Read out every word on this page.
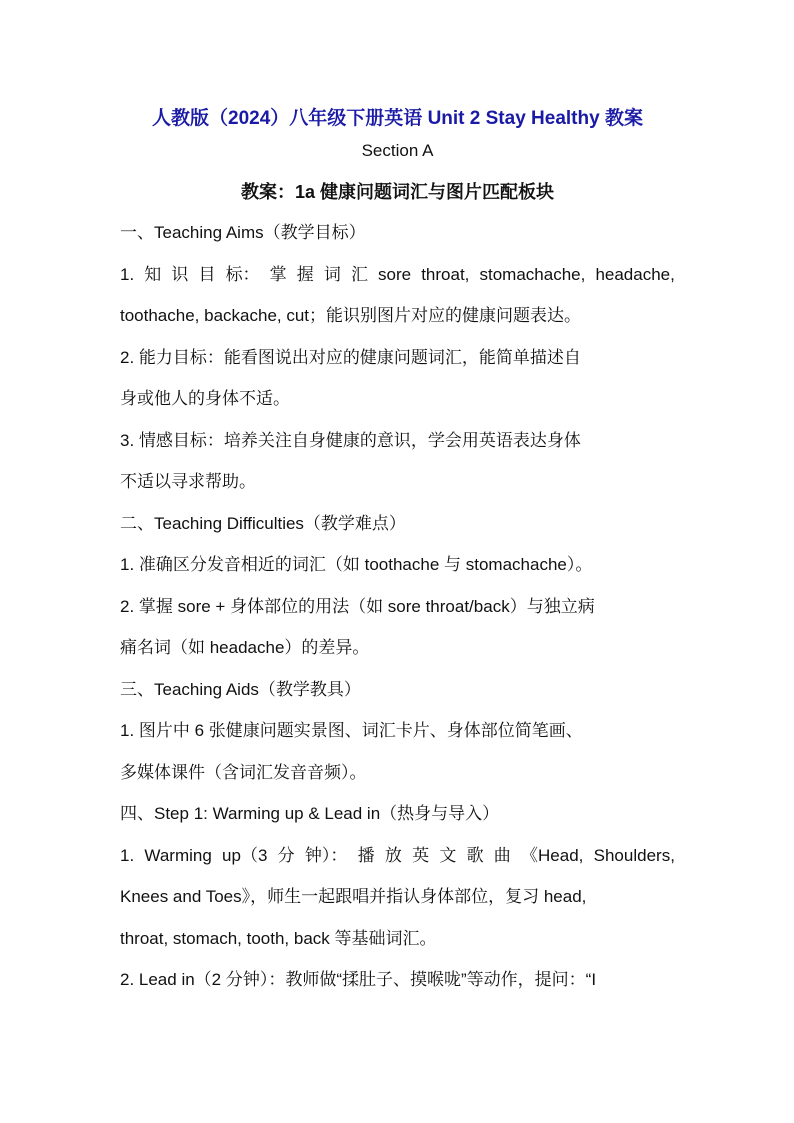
人教版（2024）八年级下册英语 Unit 2 Stay Healthy 教案

Section A

教案：1a 健康问题词汇与图片匹配板块

一、Teaching Aims（教学目标）

1. 知 识 目 标： 掌 握 词 汇 sore throat, stomachache, headache,

toothache, backache, cut；能识别图片对应的健康问题表达。

2. 能力目标：能看图说出对应的健康问题词汇，能简单描述自

身或他人的身体不适。

3. 情感目标：培养关注自身健康的意识，学会用英语表达身体

不适以寻求帮助。

二、Teaching Difficulties（教学难点）

1. 准确区分发音相近的词汇（如 toothache 与 stomachache）。

2. 掌握 sore + 身体部位的用法（如 sore throat/back）与独立病

痛名词（如 headache）的差异。

三、Teaching Aids（教学教具）

1. 图片中 6 张健康问题实景图、词汇卡片、身体部位简笔画、

多媒体课件（含词汇发音音频）。

四、Step 1: Warming up & Lead in（热身与导入）

1. Warming up（3 分 钟）： 播 放 英 文 歌 曲 《Head, Shoulders,

Knees and Toes》，师生一起跟唱并指认身体部位，复习 head,

throat, stomach, tooth, back 等基础词汇。

2. Lead in（2 分钟）：教师做“揉肚子、摸喉咙”等动作，提问：“I
